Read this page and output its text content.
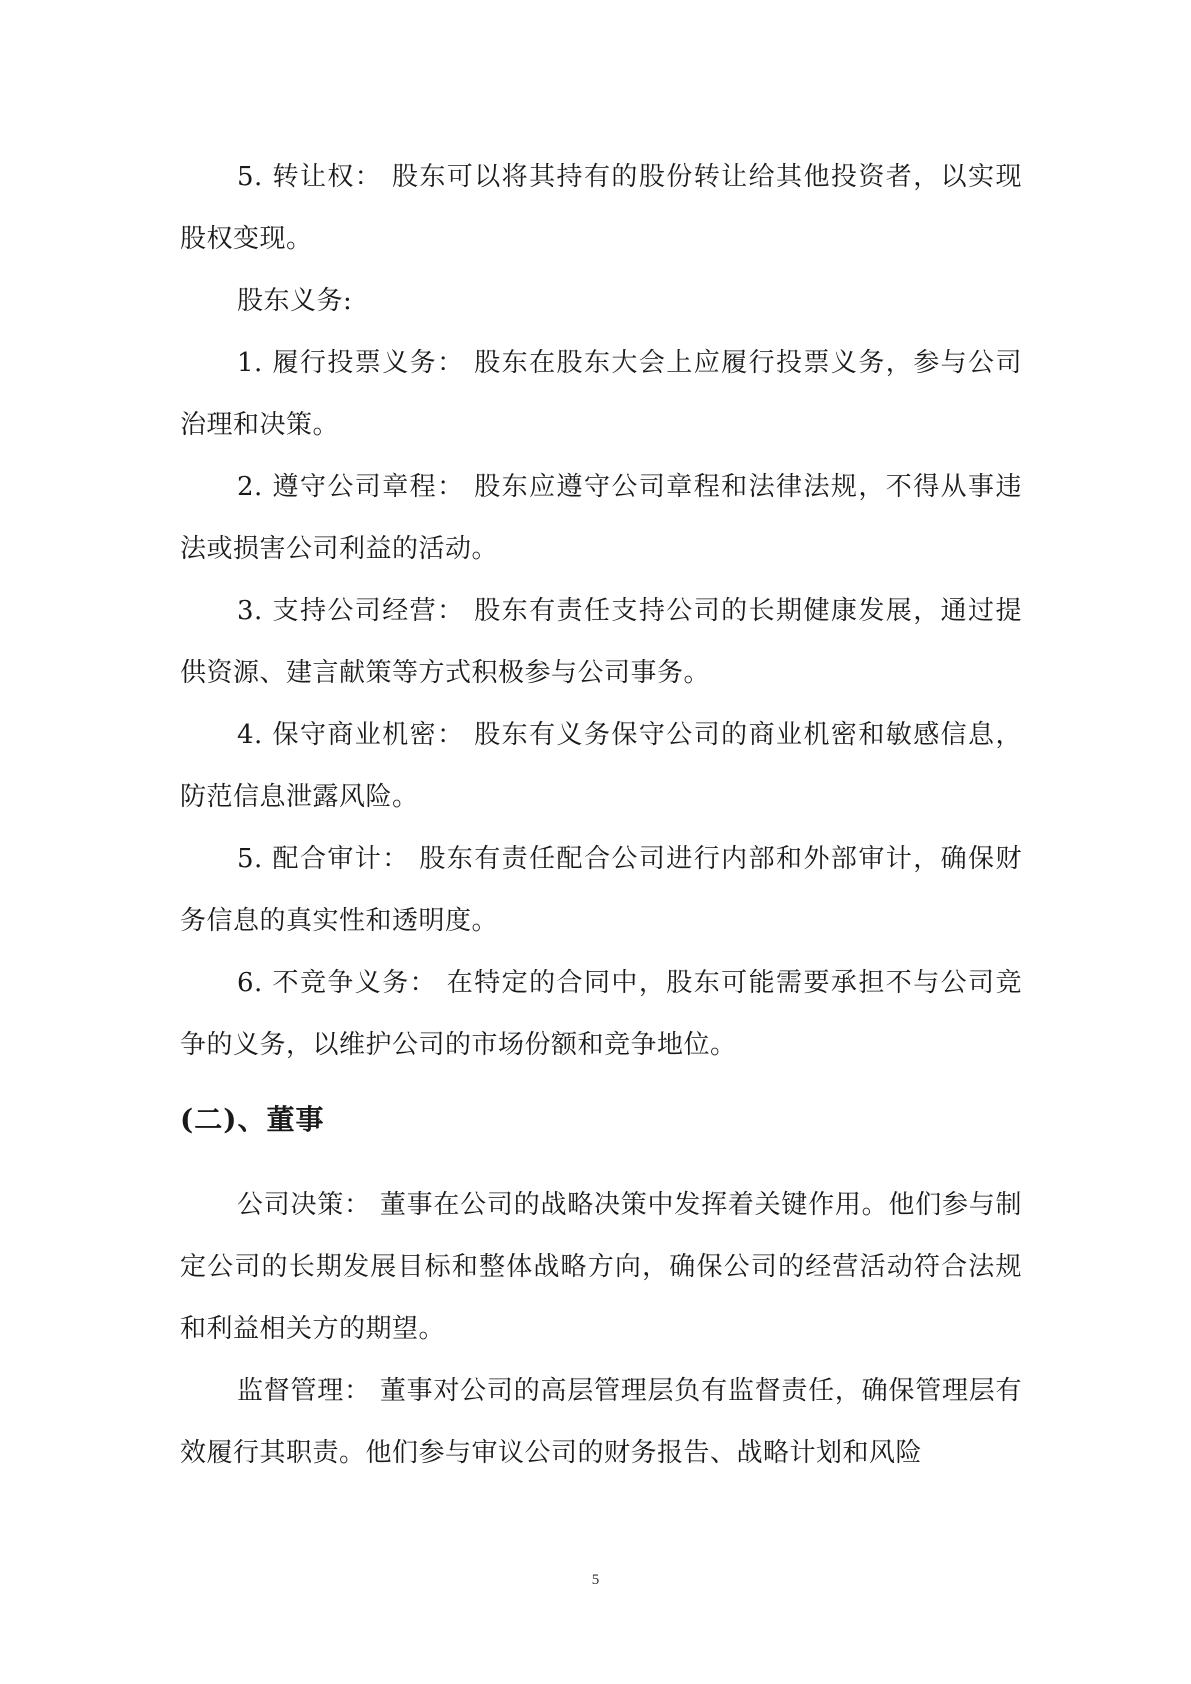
5. 转让权： 股东可以将其持有的股份转让给其他投资者，以实现股权变现。

股东义务:

1. 履行投票义务： 股东在股东大会上应履行投票义务，参与公司治理和决策。

2. 遵守公司章程： 股东应遵守公司章程和法律法规，不得从事违法或损害公司利益的活动。

3. 支持公司经营： 股东有责任支持公司的长期健康发展，通过提供资源、建言献策等方式积极参与公司事务。

4. 保守商业机密： 股东有义务保守公司的商业机密和敏感信息，防范信息泄露风险。

5. 配合审计： 股东有责任配合公司进行内部和外部审计，确保财务信息的真实性和透明度。

6. 不竞争义务： 在特定的合同中，股东可能需要承担不与公司竞争的义务，以维护公司的市场份额和竞争地位。

(二)、董事

公司决策： 董事在公司的战略决策中发挥着关键作用。他们参与制定公司的长期发展目标和整体战略方向，确保公司的经营活动符合法规和利益相关方的期望。

监督管理： 董事对公司的高层管理层负有监督责任，确保管理层有效履行其职责。他们参与审议公司的财务报告、战略计划和风险

5
